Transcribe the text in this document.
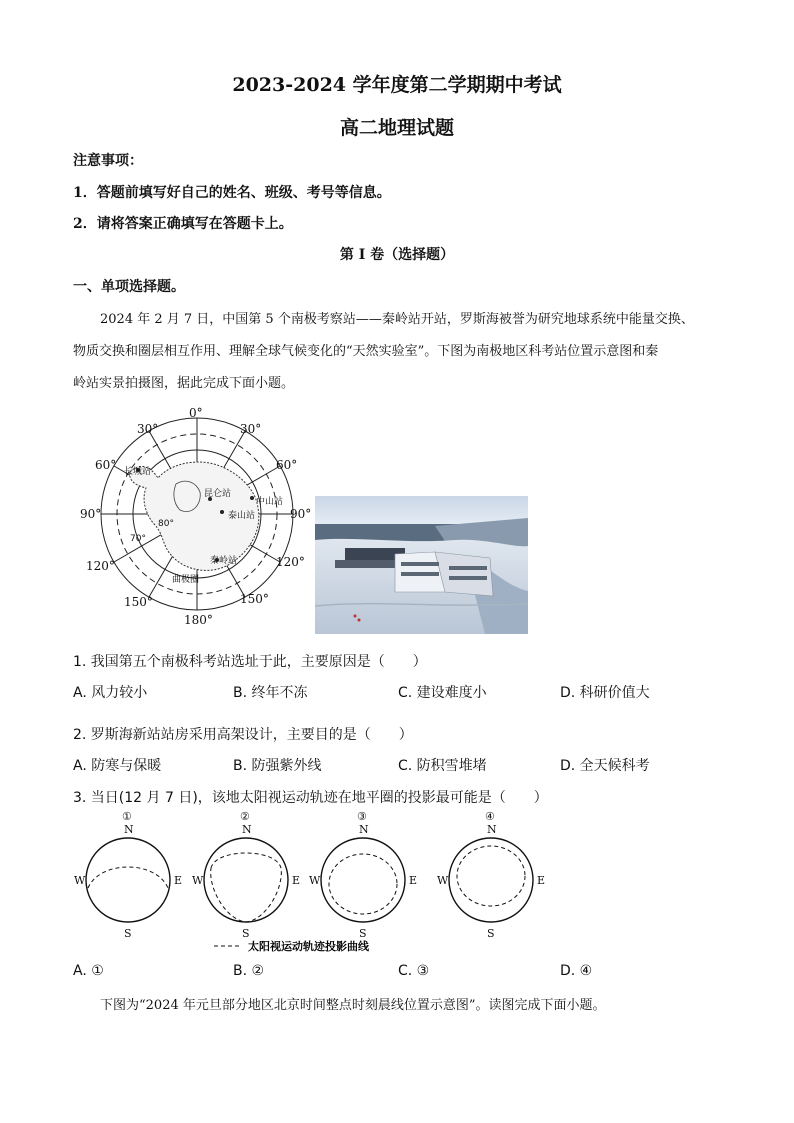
2023-2024 学年度第二学期期中考试
高二地理试题
注意事项：
1．答题前填写好自己的姓名、班级、考号等信息。
2．请将答案正确填写在答题卡上。
第 I 卷（选择题）
一、单项选择题。
2024 年 2 月 7 日，中国第 5 个南极考察站——秦岭站开站，罗斯海被誉为研究地球系统中能量交换、
物质交换和圈层相互作用、理解全球气候变化的“天然实验室”。下图为南极地区科考站位置示意图和秦
岭站实景拍摄图，据此完成下面小题。
0°
30°	30°
60°	60°
90°	90°
120°	120°
150°	150°
180°
70°
80°
长城站
昆仑站
中山站
泰山站
秦岭站
曲极圈
1. 我国第五个南极科考站选址于此，主要原因是（　　）
A. 风力较小	B. 终年不冻	C. 建设难度小	D. 科研价值大
2. 罗斯海新站站房采用高架设计，主要目的是（　　）
A. 防寒与保暖	B. 防强紫外线	C. 防积雪堆堵	D. 全天候科考
3. 当日(12 月 7 日)，该地太阳视运动轨迹在地平圈的投影最可能是（　　）
①
N
W	E
S
②
N
W	E
S
③
N
W	E
S
④
N
W	E
S
太阳视运动轨迹投影曲线
A. ①	B. ②	C. ③	D. ④
下图为“2024 年元旦部分地区北京时间整点时刻晨线位置示意图”。读图完成下面小题。
